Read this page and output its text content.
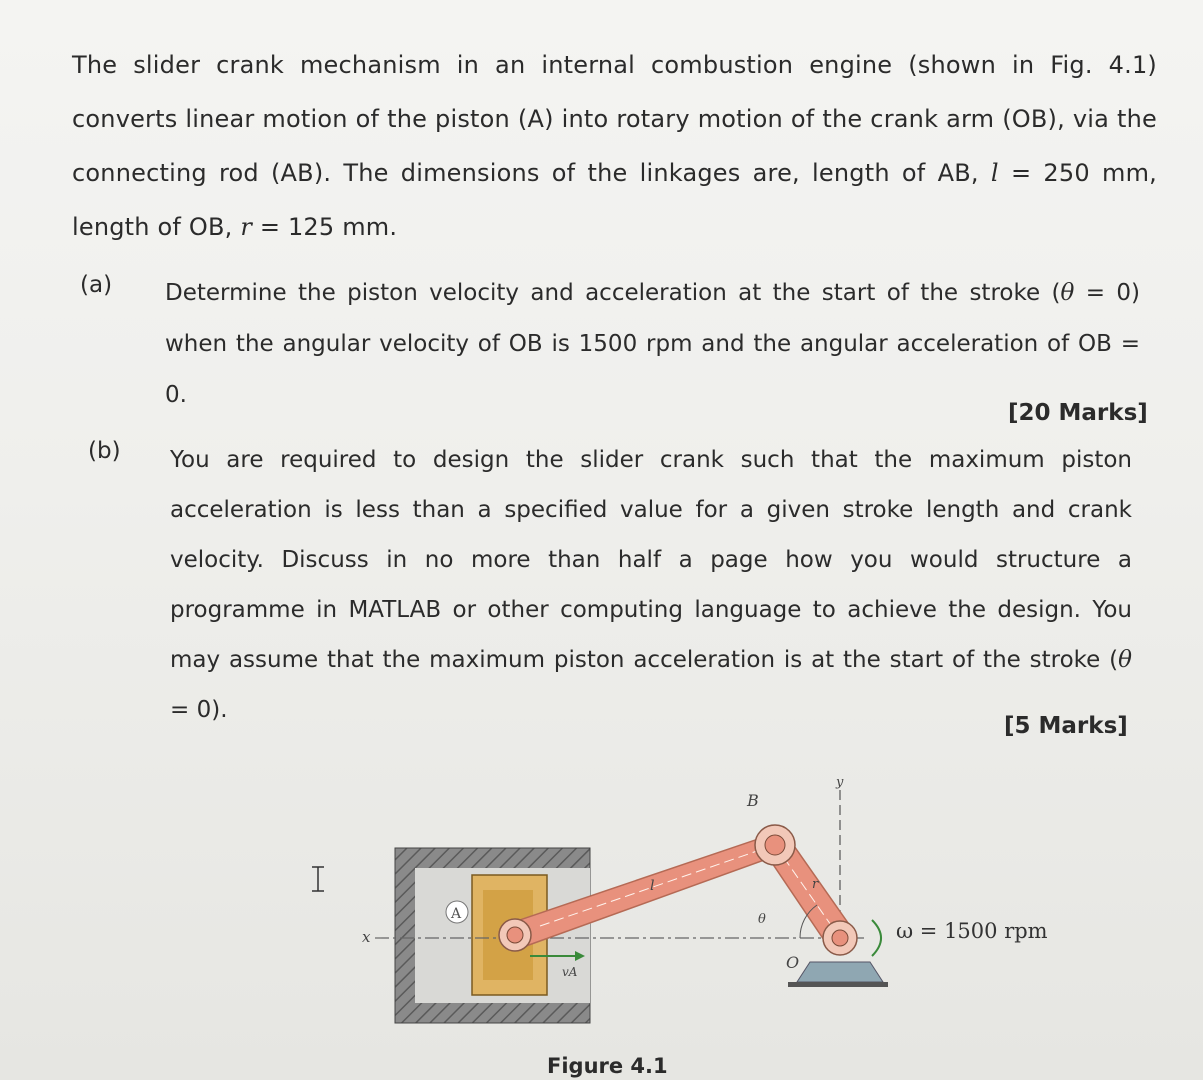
The slider crank mechanism in an internal combustion engine (shown in Fig. 4.1) converts linear motion of the piston (A) into rotary motion of the crank arm (OB), via the connecting rod (AB). The dimensions of the linkages are, length of AB, l = 250 mm, length of OB, r = 125 mm.
(a) Determine the piston velocity and acceleration at the start of the stroke (θ = 0) when the angular velocity of OB is 1500 rpm and the angular acceleration of OB = 0.
[20 Marks]
(b) You are required to design the slider crank such that the maximum piston acceleration is less than a specified value for a given stroke length and crank velocity. Discuss in no more than half a page how you would structure a programme in MATLAB or other computing language to achieve the design. You may assume that the maximum piston acceleration is at the start of the stroke (θ = 0).
[5 Marks]
A
B
O
x
y
l	r
θ
vA
ω = 1500 rpm
Figure 4.1
